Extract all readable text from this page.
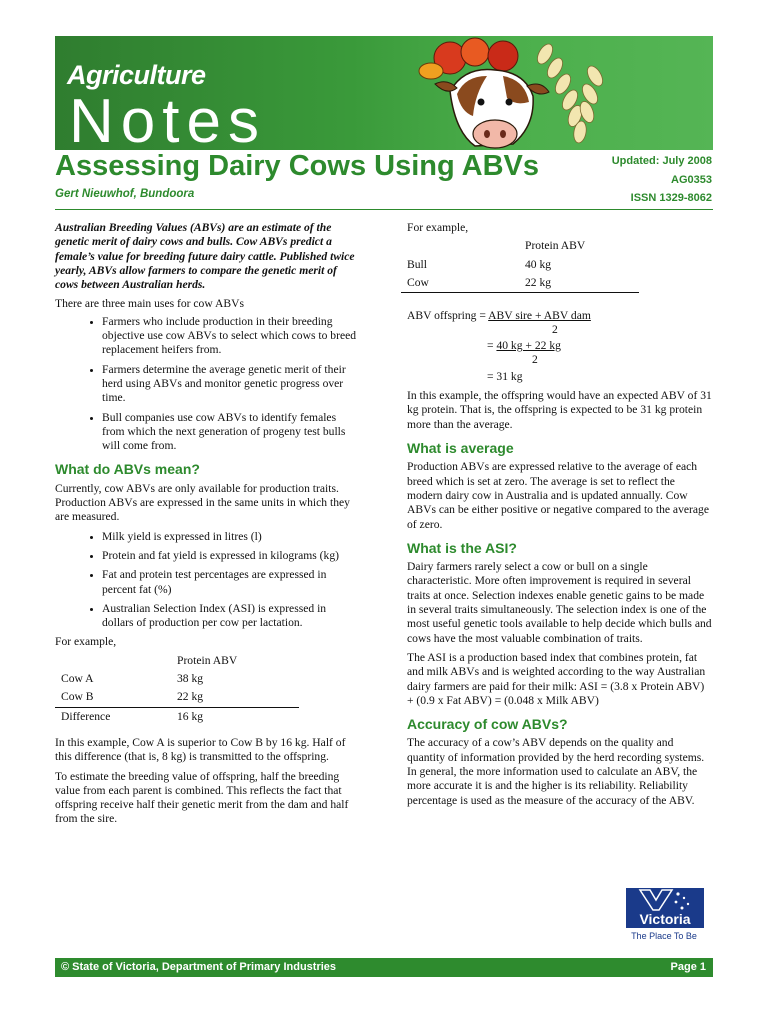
Agriculture
Notes
Assessing Dairy Cows Using ABVs
Gert Nieuwhof, Bundoora
Updated: July 2008
AG0353
ISSN 1329-8062

Australian Breeding Values (ABVs) are an estimate of the genetic merit of dairy cows and bulls. Cow ABVs predict a female’s value for breeding future dairy cattle. Published twice yearly, ABVs allow farmers to compare the genetic merit of cows between Australian herds.

There are three main uses for cow ABVs

• Farmers who include production in their breeding objective use cow ABVs to select which cows to breed replacement heifers from.
• Farmers determine the average genetic merit of their herd using ABVs and monitor genetic progress over time.
• Bull companies use cow ABVs to identify females from which the next generation of progeny test bulls will come from.
What do ABVs mean?

Currently, cow ABVs are only available for production traits. Production ABVs are expressed in the same units in which they are measured.

• Milk yield is expressed in litres (l)
• Protein and fat yield is expressed in kilograms (kg)
• Fat and protein test percentages are expressed in percent fat (%)
• Australian Selection Index (ASI) is expressed in dollars of production per cow per lactation.

For example,

	Protein ABV
Cow A	38 kg
Cow B	22 kg
Difference	16 kg

In this example, Cow A is superior to Cow B by 16 kg. Half of this difference (that is, 8 kg) is transmitted to the offspring.

To estimate the breeding value of offspring, half the breeding value from each parent is combined. This reflects the fact that offspring receive half their genetic merit from the dam and half from the sire.

For example,

	Protein ABV
Bull	40 kg
Cow	22 kg
ABV offspring = ABV sire + ABV dam
2
= 40 kg + 22 kg
2
= 31 kg

In this example, the offspring would have an expected ABV of 31 kg protein. That is, the offspring is expected to be 31 kg protein more than the average.

What is average

Production ABVs are expressed relative to the average of each breed which is set at zero. The average is set to reflect the modern dairy cow in Australia and is updated annually. Cow ABVs can be either positive or negative compared to the average of zero.

What is the ASI?

Dairy farmers rarely select a cow or bull on a single characteristic. More often improvement is required in several traits at once. Selection indexes enable genetic gains to be made in several traits simultaneously. The selection index is one of the most useful genetic tools available to help decide which bulls and cows have the most valuable combination of traits.

The ASI is a production based index that combines protein, fat and milk ABVs and is weighted according to the way Australian dairy farmers are paid for their milk: ASI = (3.8 x Protein ABV) + (0.9 x Fat ABV) = (0.048 x Milk ABV)

Accuracy of cow ABVs?

The accuracy of a cow’s ABV depends on the quality and quantity of information provided by the herd recording systems. In general, the more information used to calculate an ABV, the more accurate it is and the higher is its reliability. Reliability percentage is used as the measure of the accuracy of the ABV.

Victoria
The Place To Be
© State of Victoria, Department of Primary Industries	Page 1
